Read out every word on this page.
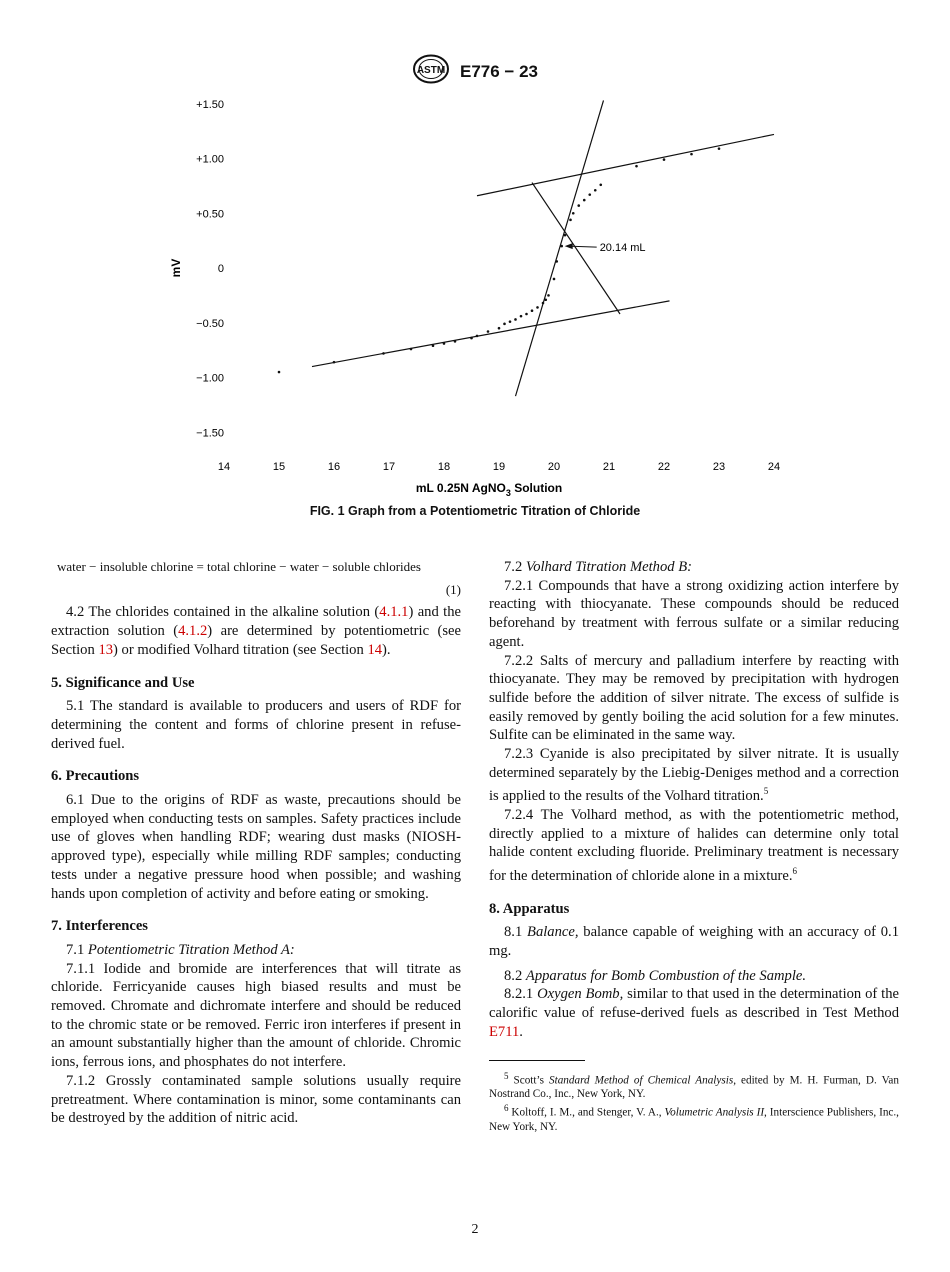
ASTM E776 − 23
mV
+1.50
+1.00
+0.50
0
−0.50
−1.00
−1.50
14	15	16	17	18	19	20	21	22	23	24
20.14 mL
mL 0.25N AgNO$_3$ Solution
FIG. 1 Graph from a Potentiometric Titration of Chloride
water − insoluble chlorine = total chlorine − water − soluble chlorides
(1)

4.2 The chlorides contained in the alkaline solution (4.1.1) and the extraction solution (4.1.2) are determined by potentiometric (see Section 13) or modified Volhard titration (see Section 14).

5. Significance and Use

5.1 The standard is available to producers and users of RDF for determining the content and forms of chlorine present in refuse-derived fuel.

6. Precautions

6.1 Due to the origins of RDF as waste, precautions should be employed when conducting tests on samples. Safety practices include use of gloves when handling RDF; wearing dust masks (NIOSH-approved type), especially while milling RDF samples; conducting tests under a negative pressure hood when possible; and washing hands upon completion of activity and before eating or smoking.

7. Interferences

7.1 Potentiometric Titration Method A:

7.1.1 Iodide and bromide are interferences that will titrate as chloride. Ferricyanide causes high biased results and must be removed. Chromate and dichromate interfere and should be reduced to the chromic state or be removed. Ferric iron interferes if present in an amount substantially higher than the amount of chloride. Chromic ions, ferrous ions, and phosphates do not interfere.

7.1.2 Grossly contaminated sample solutions usually require pretreatment. Where contamination is minor, some contaminants can be destroyed by the addition of nitric acid.

7.2 Volhard Titration Method B:

7.2.1 Compounds that have a strong oxidizing action interfere by reacting with thiocyanate. These compounds should be reduced beforehand by treatment with ferrous sulfate or a similar reducing agent.

7.2.2 Salts of mercury and palladium interfere by reacting with thiocyanate. They may be removed by precipitation with hydrogen sulfide before the addition of silver nitrate. The excess of sulfide is easily removed by gently boiling the acid solution for a few minutes. Sulfite can be eliminated in the same way.

7.2.3 Cyanide is also precipitated by silver nitrate. It is usually determined separately by the Liebig-Deniges method and a correction is applied to the results of the Volhard titration.$^5$

7.2.4 The Volhard method, as with the potentiometric method, directly applied to a mixture of halides can determine only total halide content excluding fluoride. Preliminary treatment is necessary for the determination of chloride alone in a mixture.$^6$

8. Apparatus

8.1 Balance, balance capable of weighing with an accuracy of 0.1 mg.

8.2 Apparatus for Bomb Combustion of the Sample.

8.2.1 Oxygen Bomb, similar to that used in the determination of the calorific value of refuse-derived fuels as described in Test Method E711.

$^5$ Scott’s Standard Method of Chemical Analysis, edited by M. H. Furman, D. Van Nostrand Co., Inc., New York, NY.

$^6$ Koltoff, I. M., and Stenger, V. A., Volumetric Analysis II, Interscience Publishers, Inc., New York, NY.

2
